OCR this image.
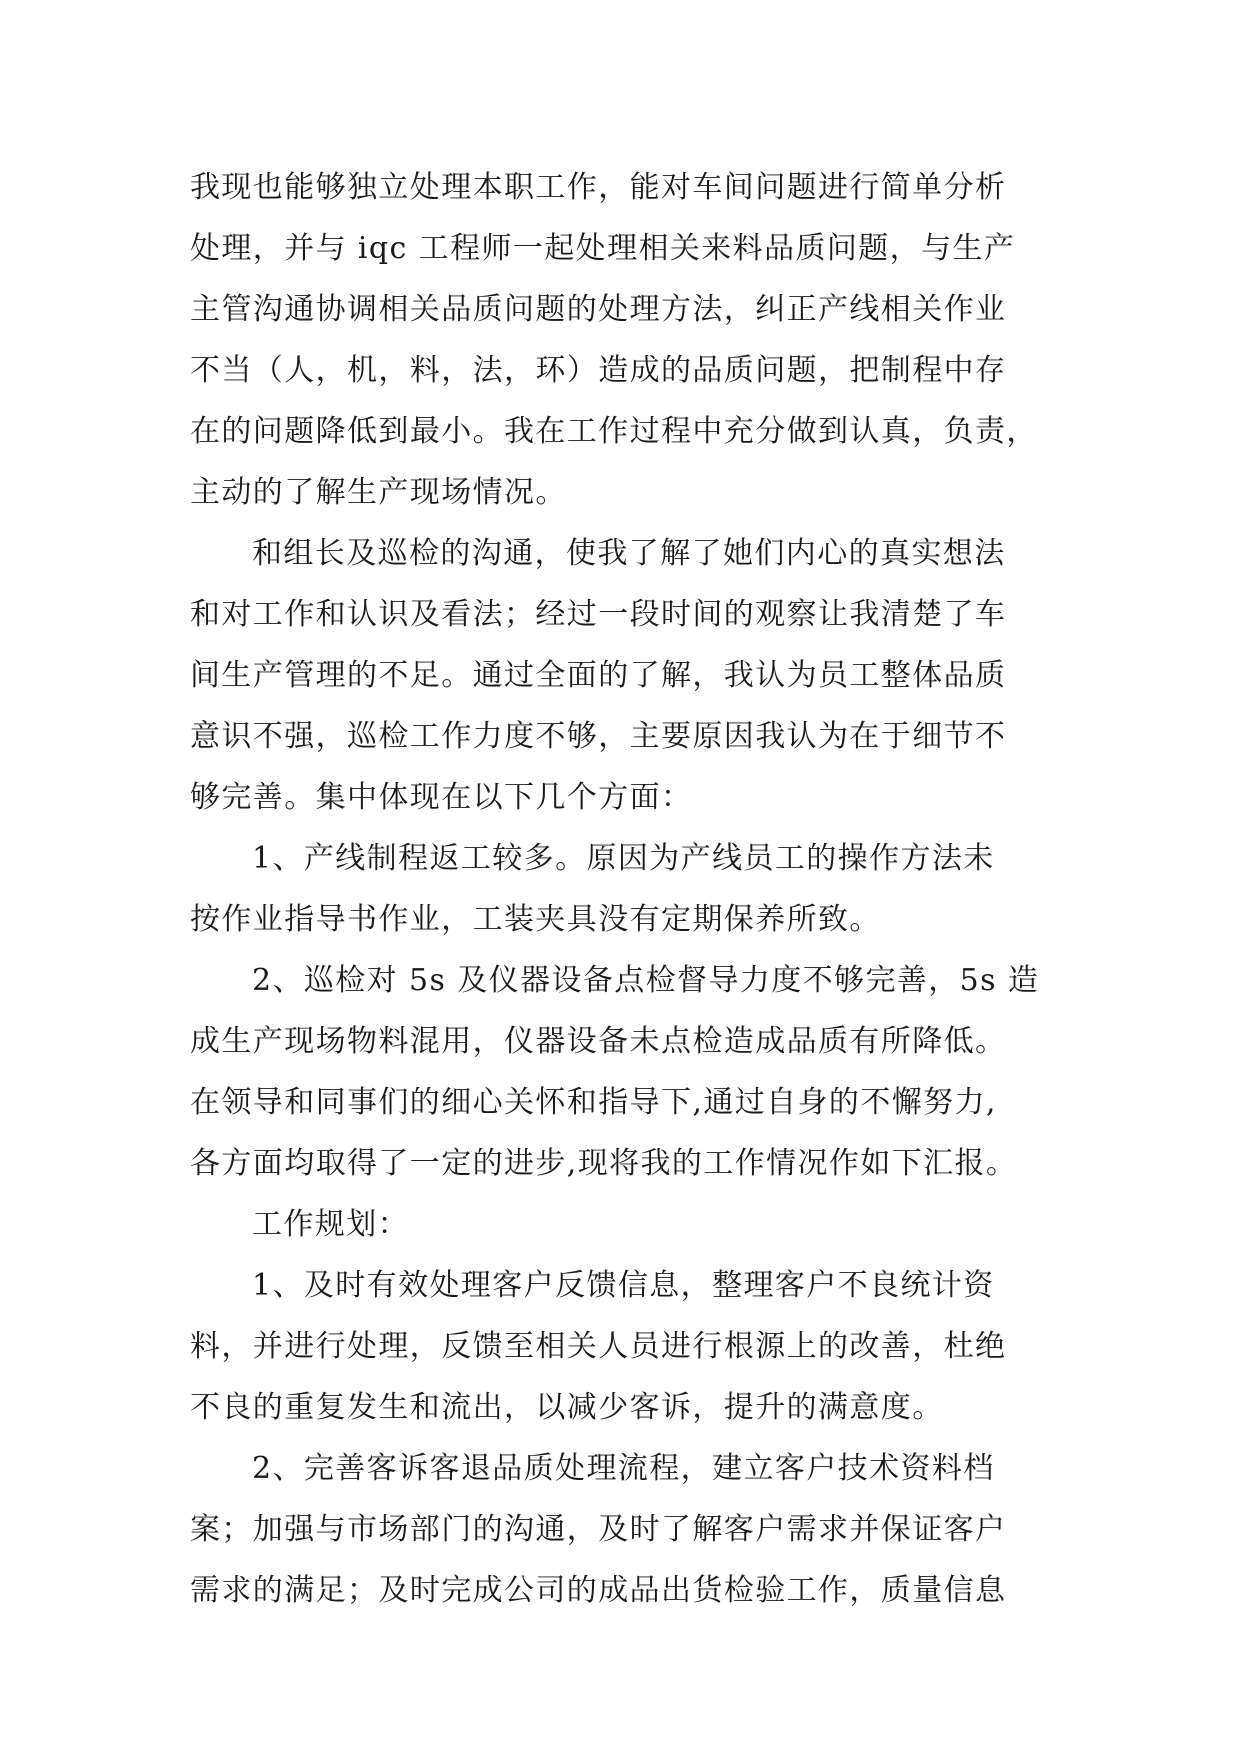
我现也能够独立处理本职工作，能对车间问题进行简单分析
处理，并与 iqc 工程师一起处理相关来料品质问题，与生产
主管沟通协调相关品质问题的处理方法，纠正产线相关作业
不当（人，机，料，法，环）造成的品质问题，把制程中存
在的问题降低到最小。我在工作过程中充分做到认真，负责，
主动的了解生产现场情况。
和组长及巡检的沟通，使我了解了她们内心的真实想法
和对工作和认识及看法；经过一段时间的观察让我清楚了车
间生产管理的不足。通过全面的了解，我认为员工整体品质
意识不强，巡检工作力度不够，主要原因我认为在于细节不
够完善。集中体现在以下几个方面：
1、产线制程返工较多。原因为产线员工的操作方法未
按作业指导书作业，工装夹具没有定期保养所致。
2、巡检对 5s 及仪器设备点检督导力度不够完善，5s 造
成生产现场物料混用，仪器设备未点检造成品质有所降低。
在领导和同事们的细心关怀和指导下,通过自身的不懈努力,
各方面均取得了一定的进步,现将我的工作情况作如下汇报。
工作规划：
1、及时有效处理客户反馈信息，整理客户不良统计资
料，并进行处理，反馈至相关人员进行根源上的改善，杜绝
不良的重复发生和流出，以减少客诉，提升的满意度。
2、完善客诉客退品质处理流程，建立客户技术资料档
案；加强与市场部门的沟通，及时了解客户需求并保证客户
需求的满足；及时完成公司的成品出货检验工作，质量信息
